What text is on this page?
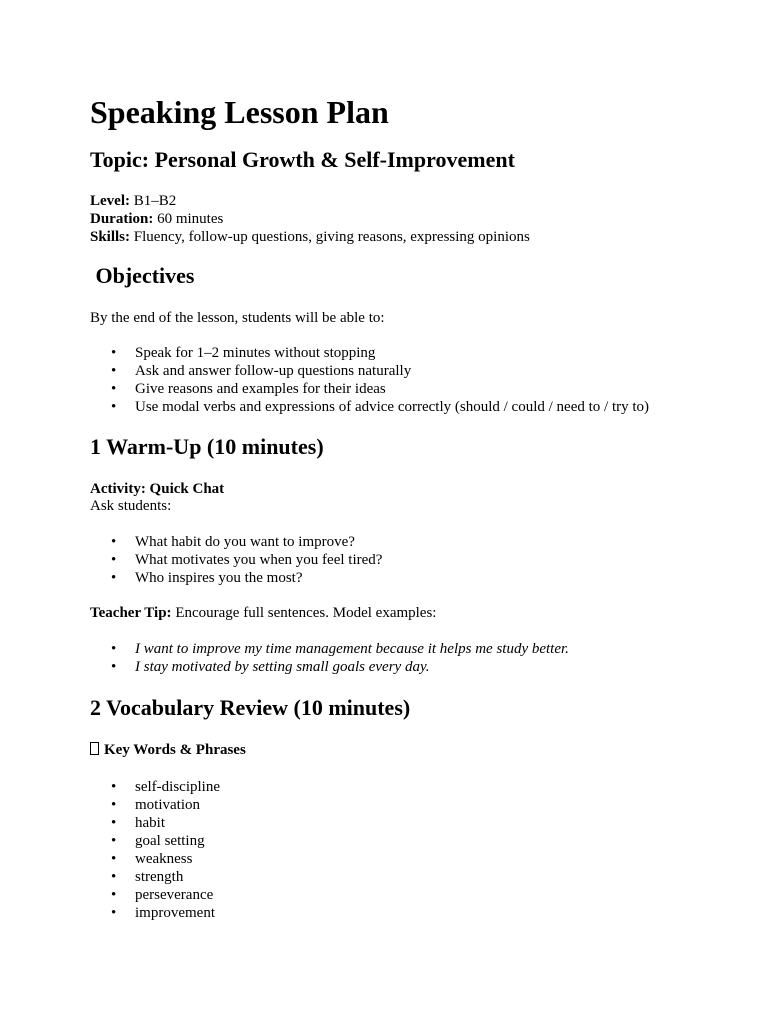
Speaking Lesson Plan
Topic: Personal Growth & Self-Improvement
Level: B1–B2
Duration: 60 minutes
Skills: Fluency, follow-up questions, giving reasons, expressing opinions
Objectives
By the end of the lesson, students will be able to:
• Speak for 1–2 minutes without stopping
• Ask and answer follow-up questions naturally
• Give reasons and examples for their ideas
• Use modal verbs and expressions of advice correctly (should / could / need to / try to)
1 Warm-Up (10 minutes)
Activity: Quick Chat
Ask students:
• What habit do you want to improve?
• What motivates you when you feel tired?
• Who inspires you the most?
Teacher Tip: Encourage full sentences. Model examples:
• I want to improve my time management because it helps me study better.
• I stay motivated by setting small goals every day.
2 Vocabulary Review (10 minutes)
Key Words & Phrases
• self-discipline
• motivation
• habit
• goal setting
• weakness
• strength
• perseverance
• improvement
